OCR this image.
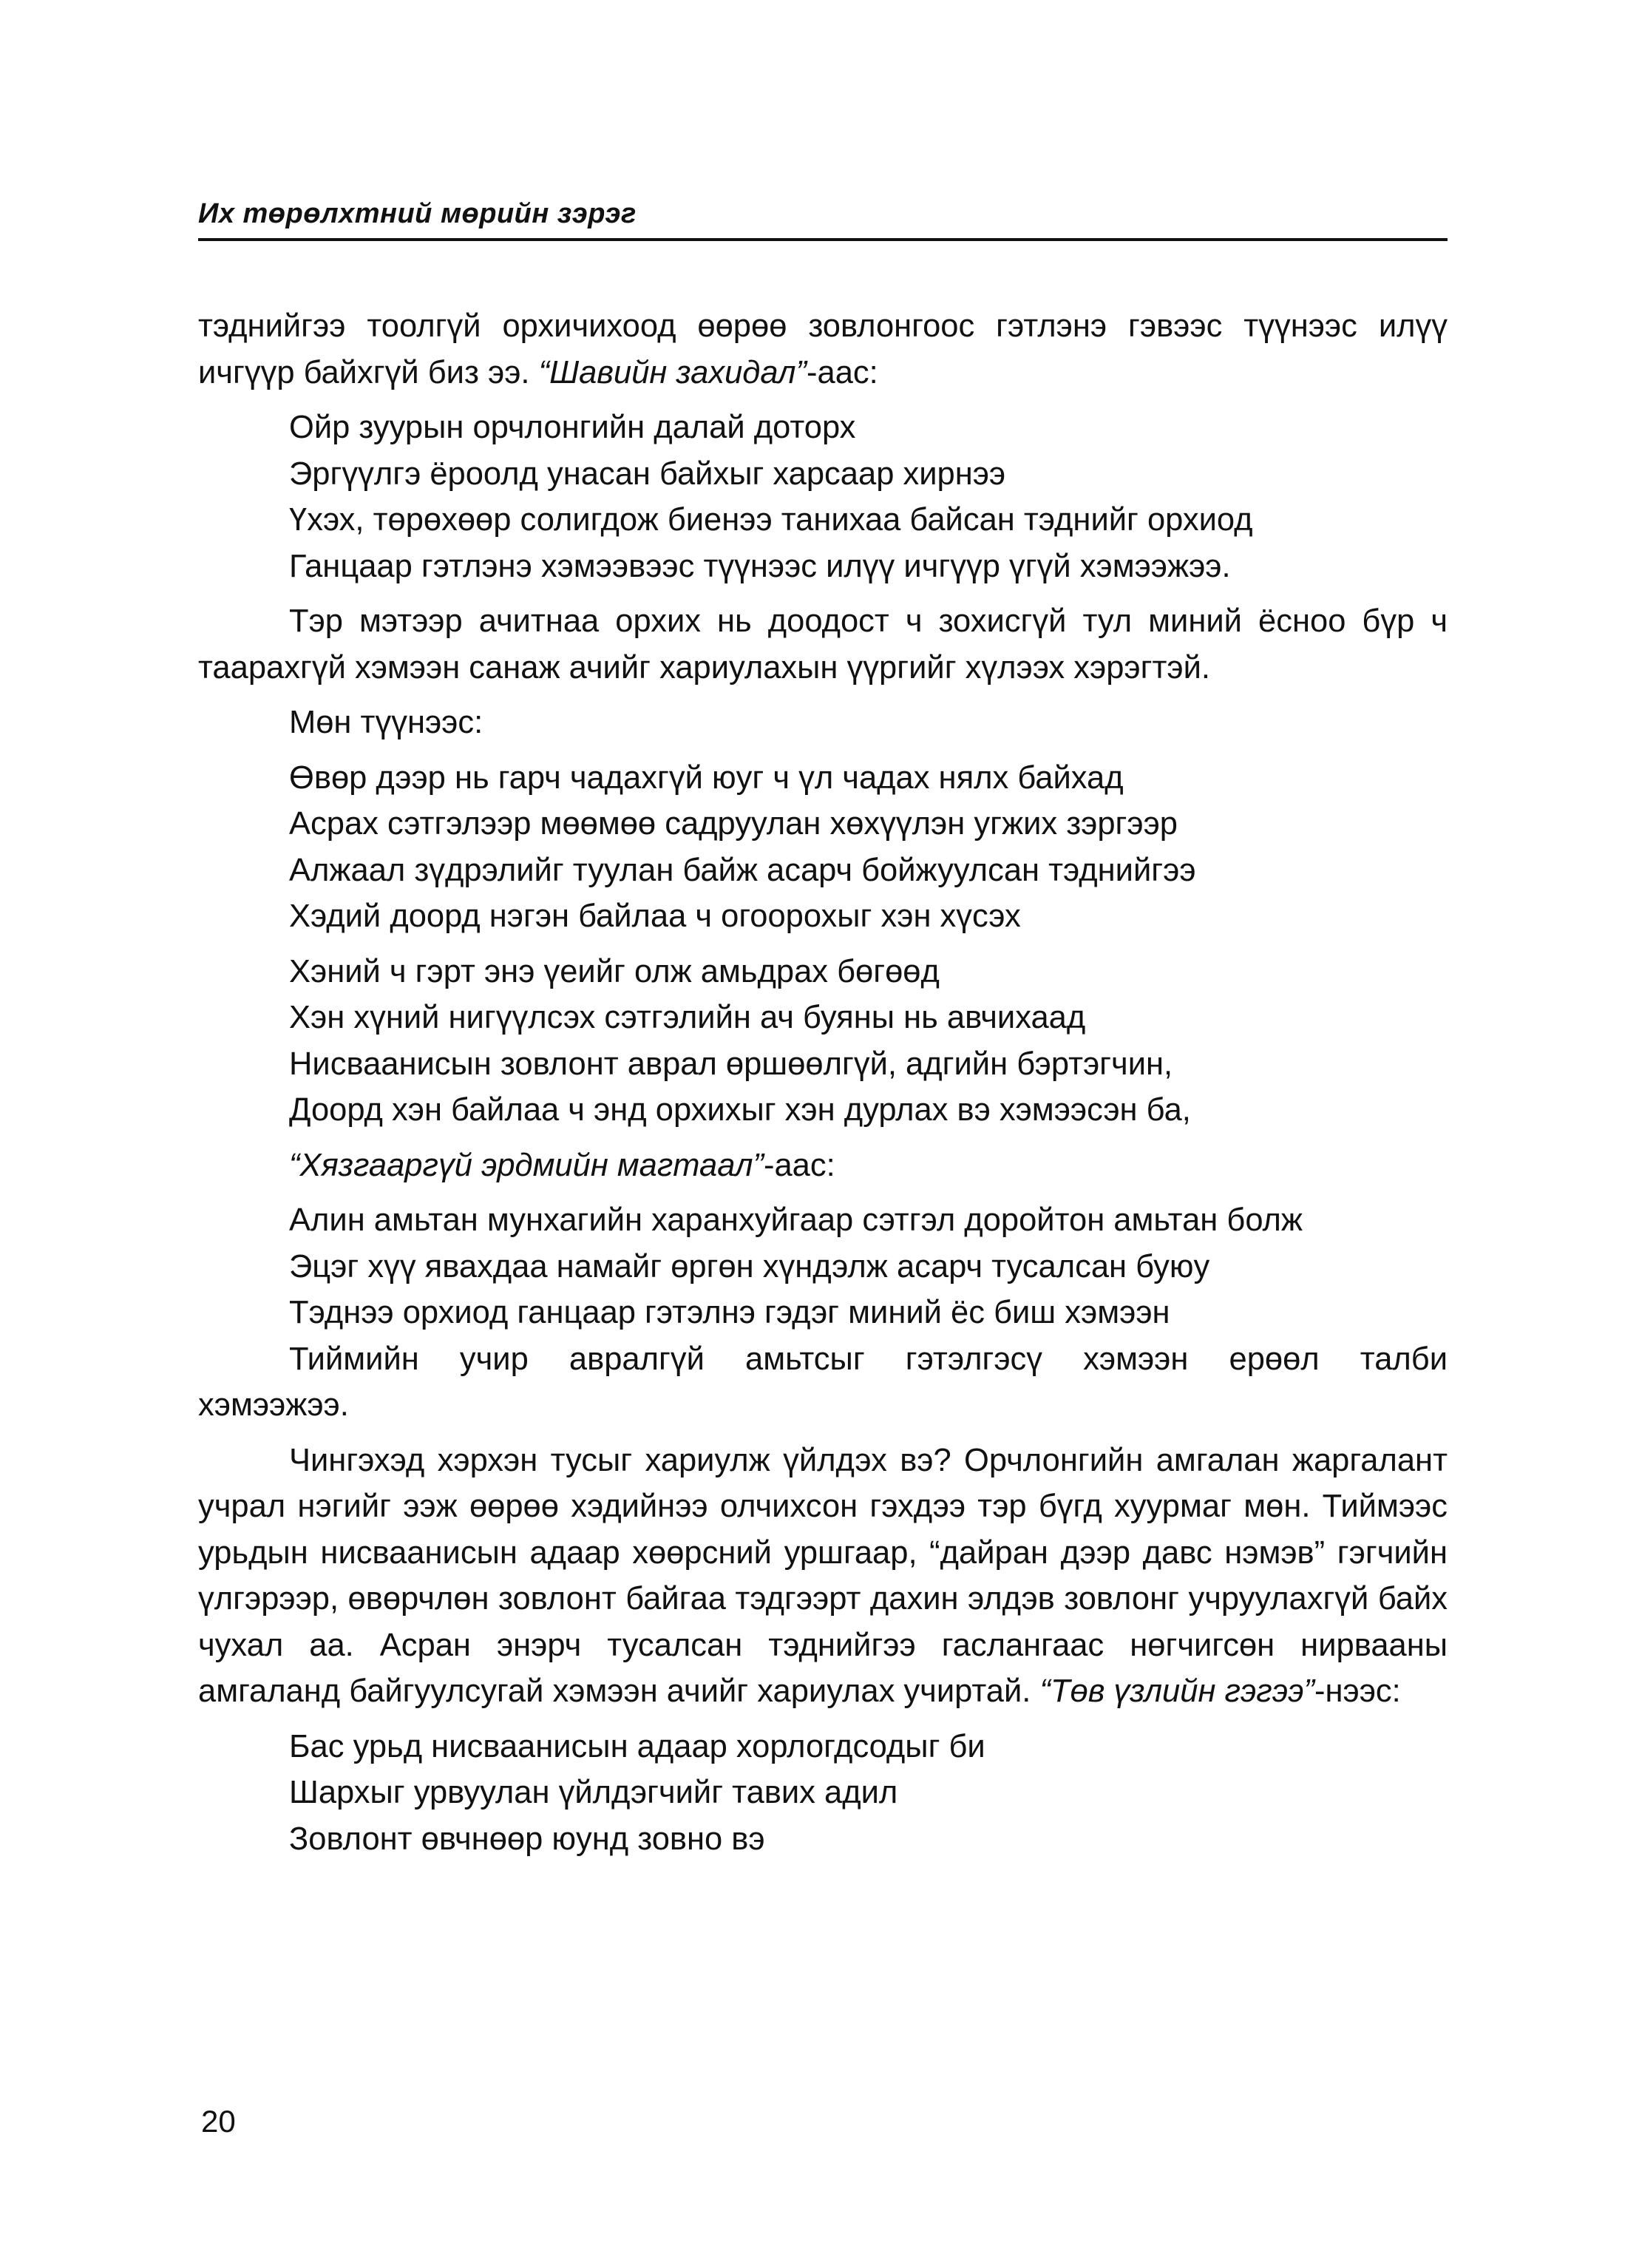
Их төрөлхтний мөрийн зэрэг

тэднийгээ тоолгүй орхичихоод өөрөө зовлонгоос гэтлэнэ гэвээс түүнээс илүү ичгүүр байхгүй биз ээ. “Шавийн захидал”-аас:

Ойр зуурын орчлонгийн далай доторх
Эргүүлгэ ёроолд унасан байхыг харсаар хирнээ
Үхэх, төрөхөөр солигдож биенээ танихаа байсан тэднийг орхиод
Ганцаар гэтлэнэ хэмээвээс түүнээс илүү ичгүүр үгүй хэмээжээ.

Тэр мэтээр ачитнаа орхих нь доодост ч зохисгүй тул миний ёсноо бүр ч таарахгүй хэмээн санаж ачийг хариулахын үүргийг хүлээх хэрэгтэй.

Мөн түүнээс:

Өвөр дээр нь гарч чадахгүй юуг ч үл чадах нялх байхад
Асрах сэтгэлээр мөөмөө садруулан хөхүүлэн угжих зэргээр
Алжаал зүдрэлийг туулан байж асарч бойжуулсан тэднийгээ
Хэдий доорд нэгэн байлаа ч огоорохыг хэн хүсэх
Хэний ч гэрт энэ үеийг олж амьдрах бөгөөд
Хэн хүний нигүүлсэх сэтгэлийн ач буяны нь авчихаад
Нисваанисын зовлонт аврал өршөөлгүй, адгийн бэртэгчин,
Доорд хэн байлаа ч энд орхихыг хэн дурлах вэ хэмээсэн ба,

“Хязгааргүй эрдмийн магтаал”-аас:

Алин амьтан мунхагийн харанхуйгаар сэтгэл доройтон амьтан болж
Эцэг хүү явахдаа намайг өргөн хүндэлж асарч тусалсан буюу
Тэднээ орхиод ганцаар гэтэлнэ гэдэг миний ёс биш хэмээн
Тиймийн учир авралгүй амьтсыг гэтэлгэсү хэмээн ерөөл талби
хэмээжээ.

Чингэхэд хэрхэн тусыг хариулж үйлдэх вэ? Орчлонгийн амгалан жаргалант учрал нэгийг ээж өөрөө хэдийнээ олчихсон гэхдээ тэр бүгд хуурмаг мөн. Тиймээс урьдын нисваанисын адаар хөөрсний уршгаар, “дайран дээр давс нэмэв” гэгчийн үлгэрээр, өвөрчлөн зовлонт байгаа тэдгээрт дахин элдэв зовлонг учруулахгүй байх чухал аа. Асран энэрч тусалсан тэднийгээ гаслангаас нөгчигсөн нирвааны амгаланд байгуулсугай хэмээн ачийг хариулах учиртай. “Төв үзлийн гэгээ”-нээс:

Бас урьд нисваанисын адаар хорлогдсодыг би
Шархыг урвуулан үйлдэгчийг тавих адил
Зовлонт өвчнөөр юунд зовно вэ
20
